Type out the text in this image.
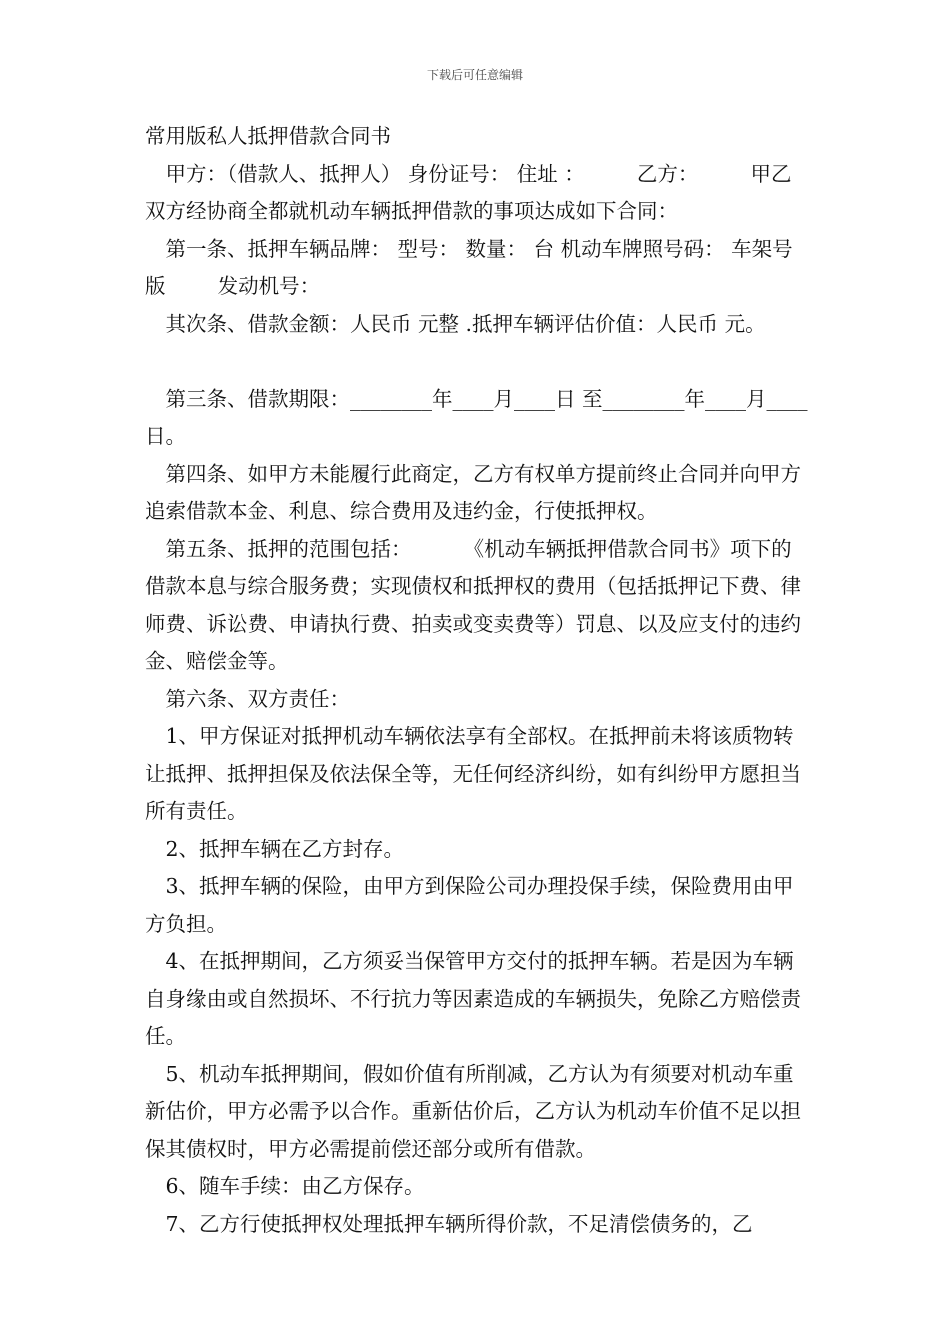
下载后可任意编辑

常用版私人抵押借款合同书

甲方：（借款人、抵押人） 身份证号： 住址 ：        乙方：        甲乙双方经协商全都就机动车辆抵押借款的事项达成如下合同：

第一条、抵押车辆品牌： 型号： 数量： 台 机动车牌照号码： 车架号版        发动机号：

其次条、借款金额：人民币 元整 .抵押车辆评估价值：人民币 元。

第三条、借款期限：________年____月____日 至________年____月____日。

第四条、如甲方未能履行此商定，乙方有权单方提前终止合同并向甲方追索借款本金、利息、综合费用及违约金，行使抵押权。

第五条、抵押的范围包括：        《机动车辆抵押借款合同书》项下的借款本息与综合服务费；实现债权和抵押权的费用（包括抵押记下费、律师费、诉讼费、申请执行费、拍卖或变卖费等）罚息、以及应支付的违约金、赔偿金等。

第六条、双方责任：

1、甲方保证对抵押机动车辆依法享有全部权。在抵押前未将该质物转让抵押、抵押担保及依法保全等，无任何经济纠纷，如有纠纷甲方愿担当所有责任。

2、抵押车辆在乙方封存。

3、抵押车辆的保险，由甲方到保险公司办理投保手续，保险费用由甲方负担。

4、在抵押期间，乙方须妥当保管甲方交付的抵押车辆。若是因为车辆自身缘由或自然损坏、不行抗力等因素造成的车辆损失，免除乙方赔偿责任。

5、机动车抵押期间，假如价值有所削减，乙方认为有须要对机动车重新估价，甲方必需予以合作。重新估价后，乙方认为机动车价值不足以担保其债权时，甲方必需提前偿还部分或所有借款。

6、随车手续：由乙方保存。

7、乙方行使抵押权处理抵押车辆所得价款，不足清偿债务的，乙
